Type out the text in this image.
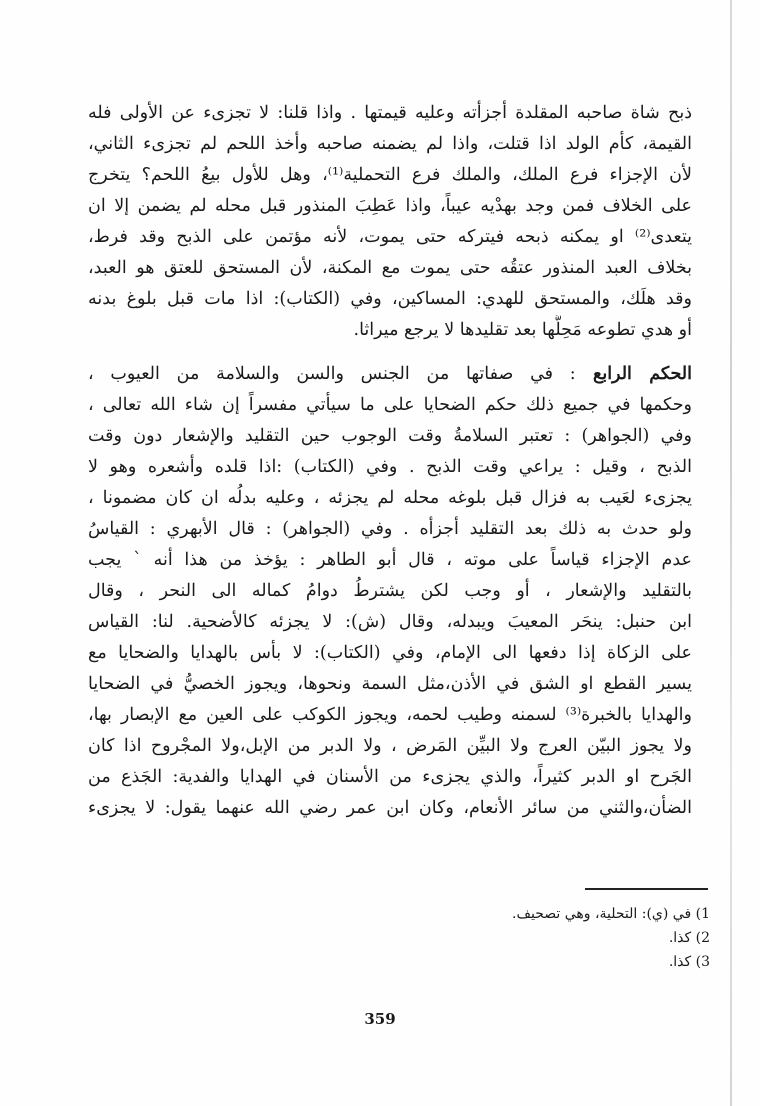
ذبح شاة صاحبه المقلدة أجزأته وعليه قيمتها . واذا قلنا: لا تجزىء عن الأولى فله
القيمة، كأم الولد اذا قتلت، واذا لم يضمنه صاحبه وأخذ اللحم لم تجزىء الثاني،
لأن الإجزاء فرع الملك، والملك فرع التحملية⁽¹⁾، وهل للأول بيعُ اللحم؟ يتخرج
على الخلاف فمن وجد بهدْيه عيباً، واذا عَطِبَ المنذور قبل محله لم يضمن إلا ان
يتعدى⁽²⁾ او يمكنه ذبحه فيتركه حتى يموت، لأنه مؤتمن على الذبح وقد فرط،
بخلاف العبد المنذور عتقُه حتى يموت مع المكنة، لأن المستحق للعتق هو العبد،
وقد هلَك، والمستحق للهدي: المساكين، وفي (الكتاب): اذا مات قبل بلوغ بدنه
أو هدي تطوعه مَحِلَّها بعد تقليدها لا يرجع ميراثا.
الحكم الرابع : في صفاتها من الجنس والسن والسلامة من العيوب ،
وحكمها في جميع ذلك حكم الضحايا على ما سيأتي مفسراً إن شاء الله تعالى ،
وفي (الجواهر) : تعتبر السلامةُ وقت الوجوب حين التقليد والإشعار دون وقت
الذبح ، وقيل : يراعي وقت الذبح . وفي (الكتاب) :اذا قلده وأشعره وهو لا
يجزىء لعَيب به فزال قبل بلوغه محله لم يجزئه ، وعليه بدلُه ان كان مضمونا ،
ولو حدث به ذلك بعد التقليد أجزأه . وفي (الجواهر) : قال الأبهري : القياسُ
عدم الإجزاء قياساً على موته ، قال أبو الطاهر : يؤخذ من هذا أنه ` يجب
بالتقليد والإشعار ، أو وجب لكن يشترطُ دوامُ كماله الى النحر ، وقال
ابن حنبل: ينحَر المعيبَ ويبدله، وقال (ش): لا يجزئه كالأضحية. لنا: القياس
على الزكاة إذا دفعها الى الإمام، وفي (الكتاب): لا بأس بالهدايا والضحايا مع
يسير القطع او الشق في الأذن،مثل السمة ونحوها، ويجوز الخصيُّ في الضحايا
والهدايا بالخبرة⁽³⁾ لسمنه وطيب لحمه، ويجوز الكوكب على العين مع الإبصار بها،
ولا يجوز البيّن العرج ولا البيِّن المَرض ، ولا الدبر من الإبل،ولا المجْروح اذا كان
الجَرح او الدبر كثيراً، والذي يجزىء من الأسنان في الهدايا والفدية: الجَذع من
الضأن،والثني من سائر الأنعام، وكان ابن عمر رضي الله عنهما يقول: لا يجزىء
1) في (ي): التحلية، وهي تصحيف.
2) كذا.
3) كذا.
359
